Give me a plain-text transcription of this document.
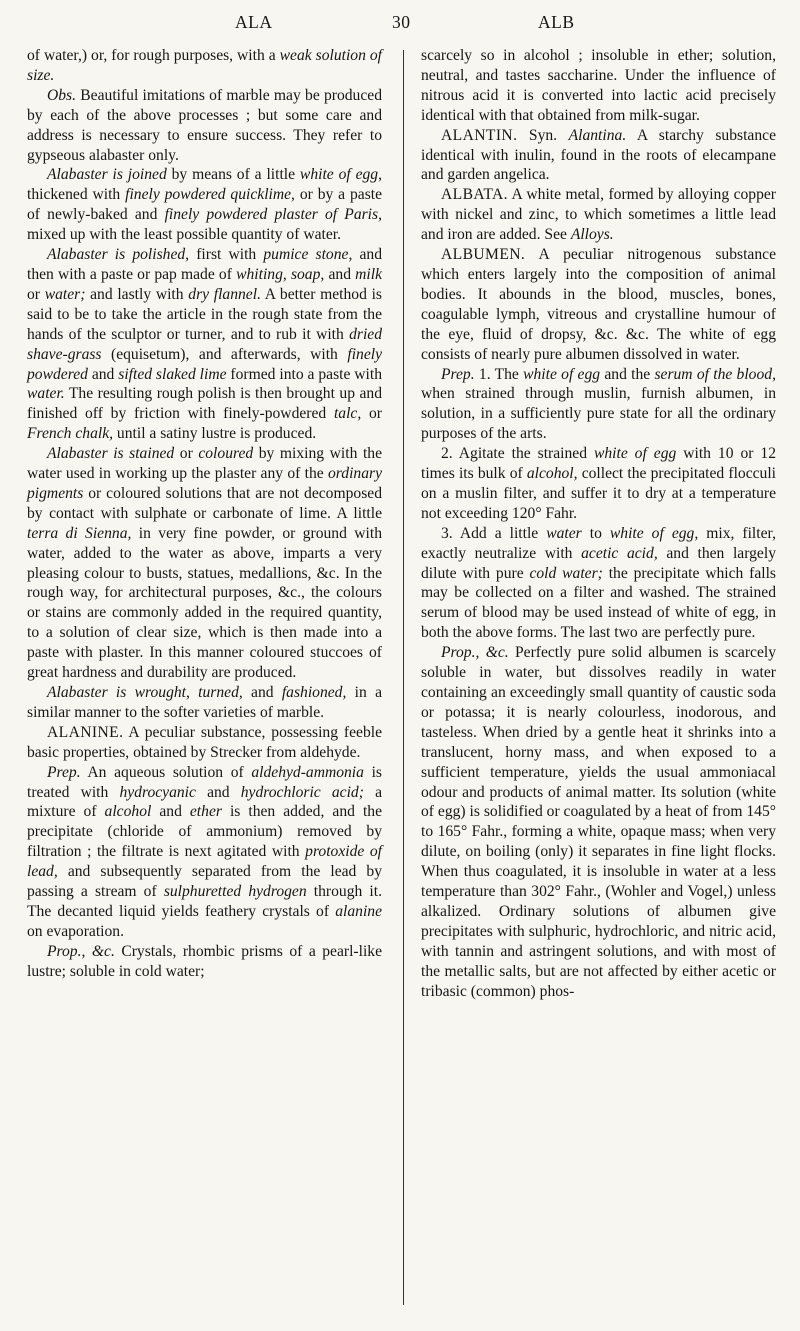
ALA	30	ALB

of water,) or, for rough purposes, with a weak solution of size.

Obs. Beautiful imitations of marble may be produced by each of the above processes ; but some care and address is necessary to ensure success. They refer to gypseous alabaster only.

Alabaster is joined by means of a little white of egg, thickened with finely powdered quicklime, or by a paste of newly-baked and finely powdered plaster of Paris, mixed up with the least possible quantity of water.

Alabaster is polished, first with pumice stone, and then with a paste or pap made of whiting, soap, and milk or water; and lastly with dry flannel. A better method is said to be to take the article in the rough state from the hands of the sculptor or turner, and to rub it with dried shave-grass (equisetum), and afterwards, with finely powdered and sifted slaked lime formed into a paste with water. The resulting rough polish is then brought up and finished off by friction with finely-powdered talc, or French chalk, until a satiny lustre is produced.

Alabaster is stained or coloured by mixing with the water used in working up the plaster any of the ordinary pigments or coloured solutions that are not decomposed by contact with sulphate or carbonate of lime. A little terra di Sienna, in very fine powder, or ground with water, added to the water as above, imparts a very pleasing colour to busts, statues, medallions, &c. In the rough way, for architectural purposes, &c., the colours or stains are commonly added in the required quantity, to a solution of clear size, which is then made into a paste with plaster. In this manner coloured stuccoes of great hardness and durability are produced.

Alabaster is wrought, turned, and fashioned, in a similar manner to the softer varieties of marble.

ALANINE. A peculiar substance, possessing feeble basic properties, obtained by Strecker from aldehyde.

Prep. An aqueous solution of aldehyd-ammonia is treated with hydrocyanic and hydrochloric acid; a mixture of alcohol and ether is then added, and the precipitate (chloride of ammonium) removed by filtration ; the filtrate is next agitated with protoxide of lead, and subsequently separated from the lead by passing a stream of sulphuretted hydrogen through it. The decanted liquid yields feathery crystals of alanine on evaporation.

Prop., &c. Crystals, rhombic prisms of a pearl-like lustre; soluble in cold water;

scarcely so in alcohol ; insoluble in ether; solution, neutral, and tastes saccharine. Under the influence of nitrous acid it is converted into lactic acid precisely identical with that obtained from milk-sugar.

ALANTIN. Syn. Alantina. A starchy substance identical with inulin, found in the roots of elecampane and garden angelica.

ALBATA. A white metal, formed by alloying copper with nickel and zinc, to which sometimes a little lead and iron are added. See Alloys.

ALBUMEN. A peculiar nitrogenous substance which enters largely into the composition of animal bodies. It abounds in the blood, muscles, bones, coagulable lymph, vitreous and crystalline humour of the eye, fluid of dropsy, &c. &c. The white of egg consists of nearly pure albumen dissolved in water.

Prep. 1. The white of egg and the serum of the blood, when strained through muslin, furnish albumen, in solution, in a sufficiently pure state for all the ordinary purposes of the arts.

2. Agitate the strained white of egg with 10 or 12 times its bulk of alcohol, collect the precipitated flocculi on a muslin filter, and suffer it to dry at a temperature not exceeding 120° Fahr.

3. Add a little water to white of egg, mix, filter, exactly neutralize with acetic acid, and then largely dilute with pure cold water; the precipitate which falls may be collected on a filter and washed. The strained serum of blood may be used instead of white of egg, in both the above forms. The last two are perfectly pure.

Prop., &c. Perfectly pure solid albumen is scarcely soluble in water, but dissolves readily in water containing an exceedingly small quantity of caustic soda or potassa; it is nearly colourless, inodorous, and tasteless. When dried by a gentle heat it shrinks into a translucent, horny mass, and when exposed to a sufficient temperature, yields the usual ammoniacal odour and products of animal matter. Its solution (white of egg) is solidified or coagulated by a heat of from 145° to 165° Fahr., forming a white, opaque mass; when very dilute, on boiling (only) it separates in fine light flocks. When thus coagulated, it is insoluble in water at a less temperature than 302° Fahr., (Wohler and Vogel,) unless alkalized. Ordinary solutions of albumen give precipitates with sulphuric, hydrochloric, and nitric acid, with tannin and astringent solutions, and with most of the metallic salts, but are not affected by either acetic or tribasic (common) phos-
